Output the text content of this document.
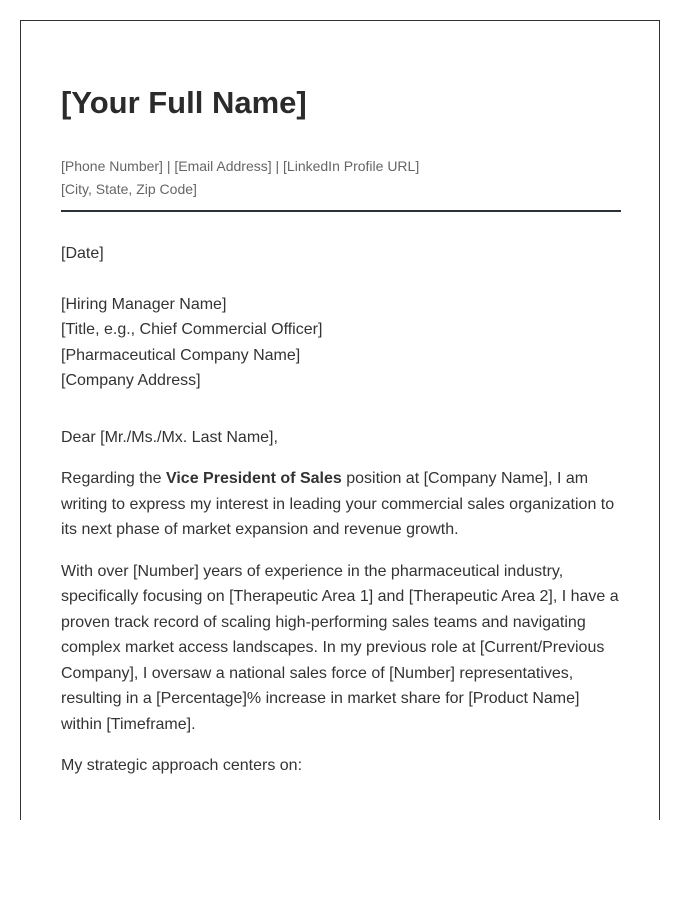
[Your Full Name]
[Phone Number] | [Email Address] | [LinkedIn Profile URL]
[City, State, Zip Code]

[Date]

[Hiring Manager Name]
[Title, e.g., Chief Commercial Officer]
[Pharmaceutical Company Name]
[Company Address]

Dear [Mr./Ms./Mx. Last Name],

Regarding the Vice President of Sales position at [Company Name], I am writing to express my interest in leading your commercial sales organization to its next phase of market expansion and revenue growth.

With over [Number] years of experience in the pharmaceutical industry, specifically focusing on [Therapeutic Area 1] and [Therapeutic Area 2], I have a proven track record of scaling high-performing sales teams and navigating complex market access landscapes. In my previous role at [Current/Previous Company], I oversaw a national sales force of [Number] representatives, resulting in a [Percentage]% increase in market share for [Product Name] within [Timeframe].

My strategic approach centers on:
